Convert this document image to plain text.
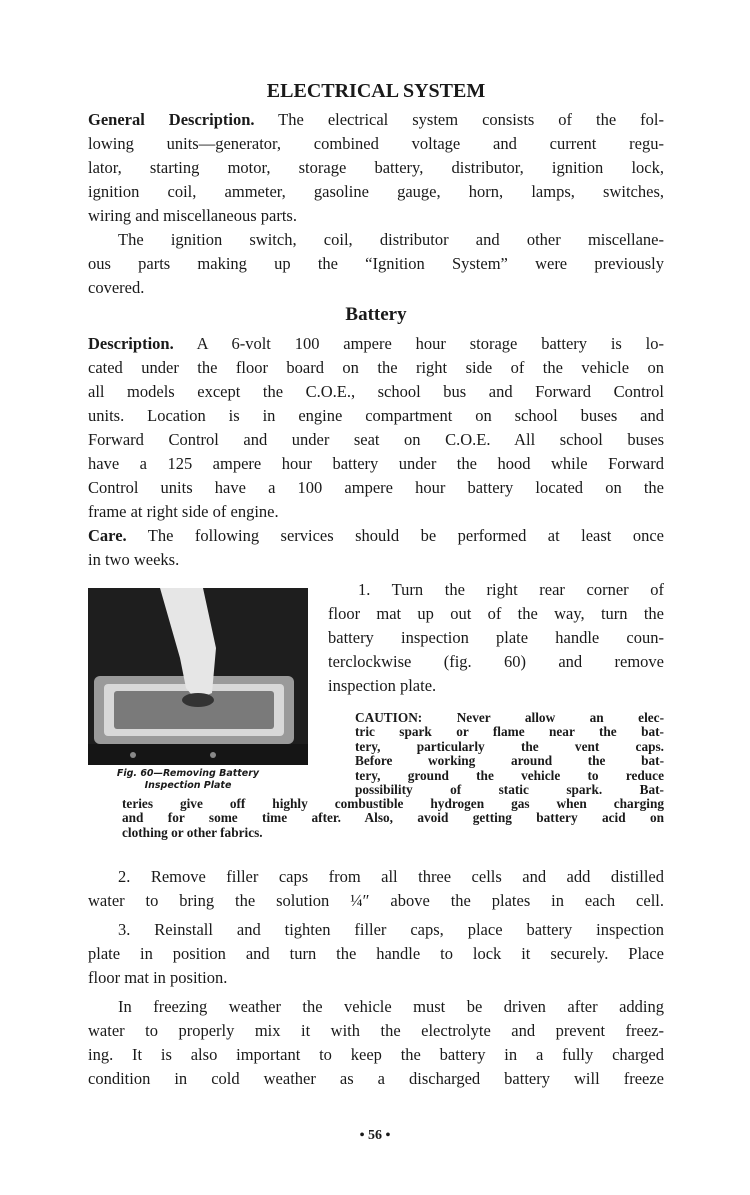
ELECTRICAL SYSTEM
General Description. The electrical system consists of the fol-
lowing units—generator, combined voltage and current regu-
lator, starting motor, storage battery, distributor, ignition lock,
ignition coil, ammeter, gasoline gauge, horn, lamps, switches,
wiring and miscellaneous parts.
The ignition switch, coil, distributor and other miscellane-
ous parts making up the “Ignition System” were previously
covered.
Battery
Description. A 6-volt 100 ampere hour storage battery is lo-
cated under the floor board on the right side of the vehicle on
all models except the C.O.E., school bus and Forward Control
units. Location is in engine compartment on school buses and
Forward Control and under seat on C.O.E. All school buses
have a 125 ampere hour battery under the hood while Forward
Control units have a 100 ampere hour battery located on the
frame at right side of engine.
Care. The following services should be performed at least once
in two weeks.
Fig. 60—Removing Battery
Inspection Plate
1. Turn the right rear corner of
floor mat up out of the way, turn the
battery inspection plate handle coun-
terclockwise (fig. 60) and remove
inspection plate.
CAUTION: Never allow an elec-
tric spark or flame near the bat-
tery, particularly the vent caps.
Before working around the bat-
tery, ground the vehicle to reduce
possibility of static spark. Bat-
teries give off highly combustible hydrogen gas when charging
and for some time after. Also, avoid getting battery acid on
clothing or other fabrics.
2. Remove filler caps from all three cells and add distilled
water to bring the solution ¼″ above the plates in each cell.
3. Reinstall and tighten filler caps, place battery inspection
plate in position and turn the handle to lock it securely. Place
floor mat in position.
In freezing weather the vehicle must be driven after adding
water to properly mix it with the electrolyte and prevent freez-
ing. It is also important to keep the battery in a fully charged
condition in cold weather as a discharged battery will freeze
• 56 •
